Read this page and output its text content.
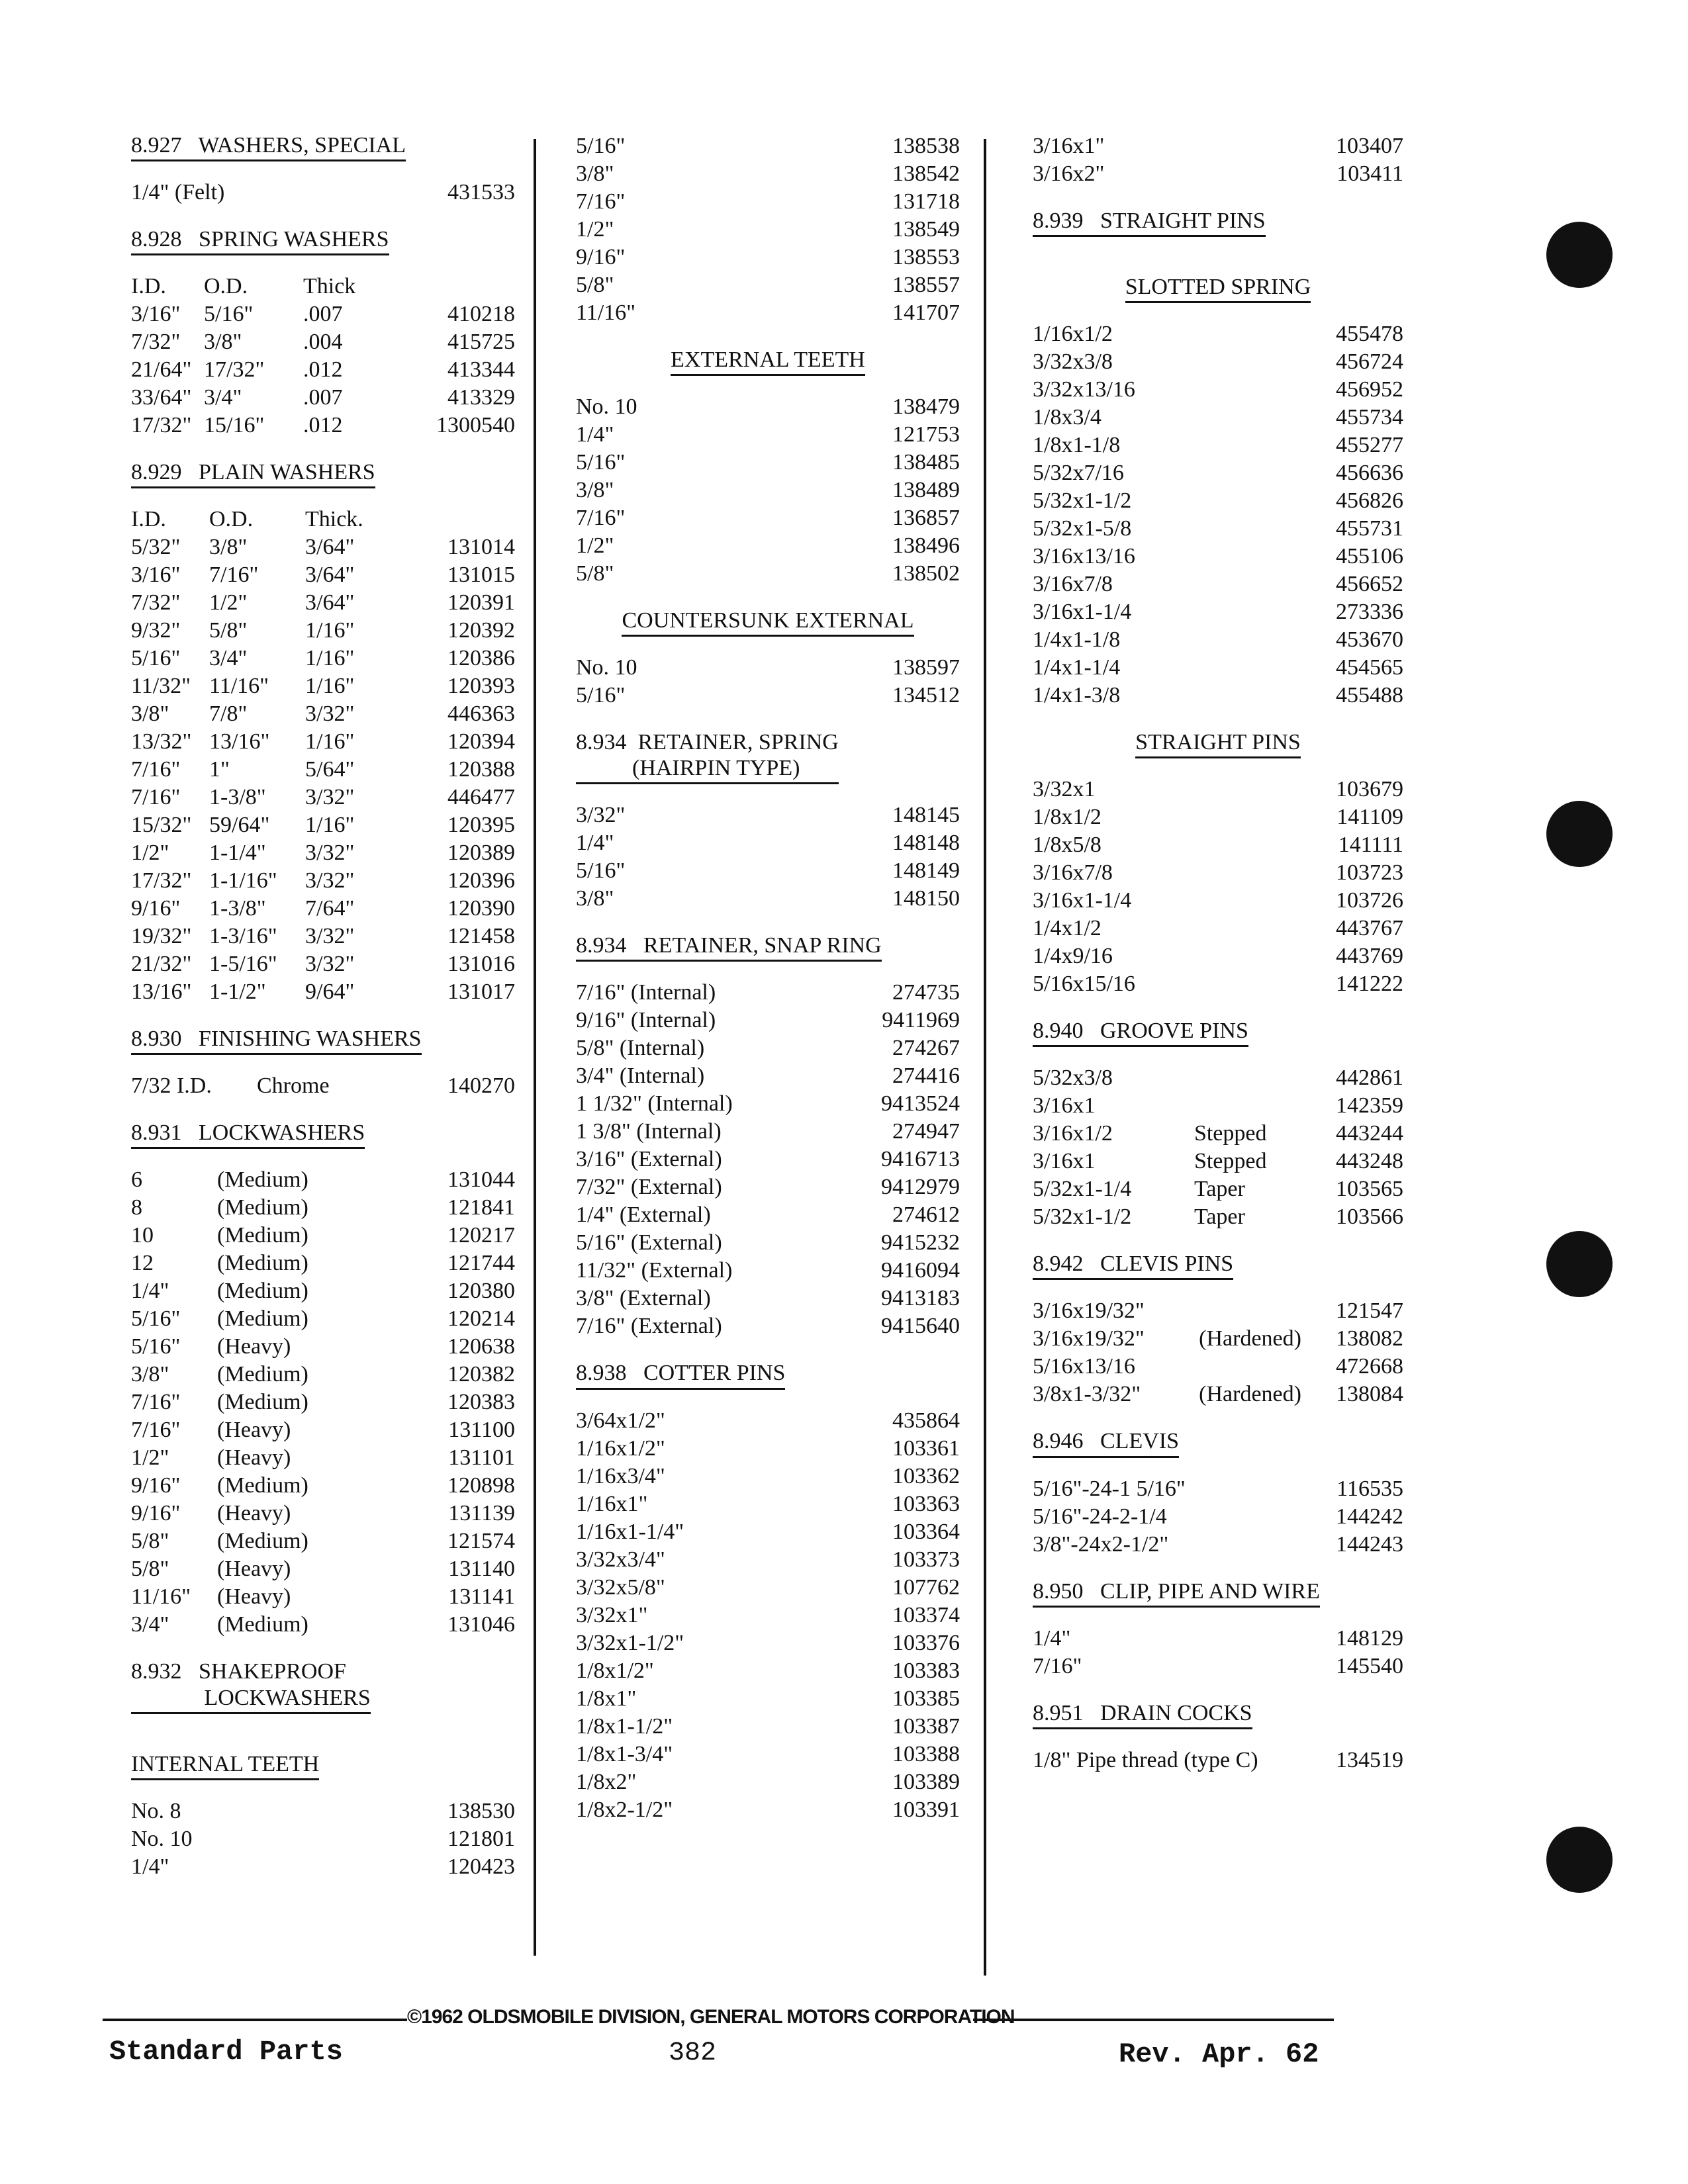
8.927   WASHERS, SPECIAL
1/4" (Felt)	431533
8.928   SPRING WASHERS
I.D.	O.D.	Thick
3/16"	5/16"	.007	410218
7/32"	3/8"	.004	415725
21/64" 17/32"	.012	413344
33/64" 3/4"	.007	413329
17/32" 15/16"	.012	1300540
8.929   PLAIN WASHERS
I.D.	O.D.	Thick.
5/32"	3/8"	3/64"	131014
3/16"	7/16"	3/64"	131015
7/32"	1/2"	3/64"	120391
9/32"	5/8"	1/16"	120392
5/16"	3/4"	1/16"	120386
11/32" 11/16"	1/16"	120393
3/8"	7/8"	3/32"	446363
13/32" 13/16"	1/16"	120394
7/16"	1"	5/64"	120388
7/16"	1-3/8"	3/32"	446477
15/32" 59/64"	1/16"	120395
1/2"	1-1/4"	3/32"	120389
17/32" 1-1/16"	3/32"	120396
9/16"	1-3/8"	7/64"	120390
19/32" 1-3/16"	3/32"	121458
21/32" 1-5/16"	3/32"	131016
13/16" 1-1/2"	9/64"	131017
8.930   FINISHING WASHERS
7/32 I.D.	Chrome	140270
8.931   LOCKWASHERS
6	(Medium)	131044
8	(Medium)	121841
10	(Medium)	120217
12	(Medium)	121744
1/4"	(Medium)	120380
5/16"	(Medium)	120214
5/16"	(Heavy)	120638
3/8"	(Medium)	120382
7/16"	(Medium)	120383
7/16"	(Heavy)	131100
1/2"	(Heavy)	131101
9/16"	(Medium)	120898
9/16"	(Heavy)	131139
5/8"	(Medium)	121574
5/8"	(Heavy)	131140
11/16"	(Heavy)	131141
3/4"	(Medium)	131046
8.932   SHAKEPROOF
LOCKWASHERS
INTERNAL TEETH
No. 8	138530
No. 10	121801
1/4"	120423
5/16"	138538
3/8"	138542
7/16"	131718
1/2"	138549
9/16"	138553
5/8"	138557
11/16"	141707
EXTERNAL TEETH
No. 10	138479
1/4"	121753
5/16"	138485
3/8"	138489
7/16"	136857
1/2"	138496
5/8"	138502
COUNTERSUNK EXTERNAL
No. 10	138597
5/16"	134512
8.934  RETAINER, SPRING
(HAIRPIN TYPE)
3/32"	148145
1/4"	148148
5/16"	148149
3/8"	148150
8.934   RETAINER, SNAP RING
7/16" (Internal)	274735
9/16" (Internal)	9411969
5/8" (Internal)	274267
3/4" (Internal)	274416
1 1/32" (Internal)	9413524
1 3/8" (Internal)	274947
3/16" (External)	9416713
7/32" (External)	9412979
1/4" (External)	274612
5/16" (External)	9415232
11/32" (External)	9416094
3/8" (External)	9413183
7/16" (External)	9415640
8.938   COTTER PINS
3/64x1/2"	435864
1/16x1/2"	103361
1/16x3/4"	103362
1/16x1"	103363
1/16x1-1/4"	103364
3/32x3/4"	103373
3/32x5/8"	107762
3/32x1"	103374
3/32x1-1/2"	103376
1/8x1/2"	103383
1/8x1"	103385
1/8x1-1/2"	103387
1/8x1-3/4"	103388
1/8x2"	103389
1/8x2-1/2"	103391
3/16x1"	103407
3/16x2"	103411
8.939   STRAIGHT PINS
SLOTTED SPRING
1/16x1/2	455478
3/32x3/8	456724
3/32x13/16	456952
1/8x3/4	455734
1/8x1-1/8	455277
5/32x7/16	456636
5/32x1-1/2	456826
5/32x1-5/8	455731
3/16x13/16	455106
3/16x7/8	456652
3/16x1-1/4	273336
1/4x1-1/8	453670
1/4x1-1/4	454565
1/4x1-3/8	455488
STRAIGHT PINS
3/32x1	103679
1/8x1/2	141109
1/8x5/8	141111
3/16x7/8	103723
3/16x1-1/4	103726
1/4x1/2	443767
1/4x9/16	443769
5/16x15/16	141222
8.940   GROOVE PINS
5/32x3/8	442861
3/16x1	142359
3/16x1/2	Stepped	443244
3/16x1	Stepped	443248
5/32x1-1/4	Taper	103565
5/32x1-1/2	Taper	103566
8.942   CLEVIS PINS
3/16x19/32"	121547
3/16x19/32"	(Hardened)	138082
5/16x13/16	472668
3/8x1-3/32"	(Hardened)	138084
8.946   CLEVIS
5/16"-24-1 5/16"	116535
5/16"-24-2-1/4	144242
3/8"-24x2-1/2"	144243
8.950   CLIP, PIPE AND WIRE
1/4"	148129
7/16"	145540
8.951   DRAIN COCKS
1/8" Pipe thread (type C)	134519
©1962 OLDSMOBILE DIVISION, GENERAL MOTORS CORPORATION
Standard Parts	382	Rev. Apr. 62
